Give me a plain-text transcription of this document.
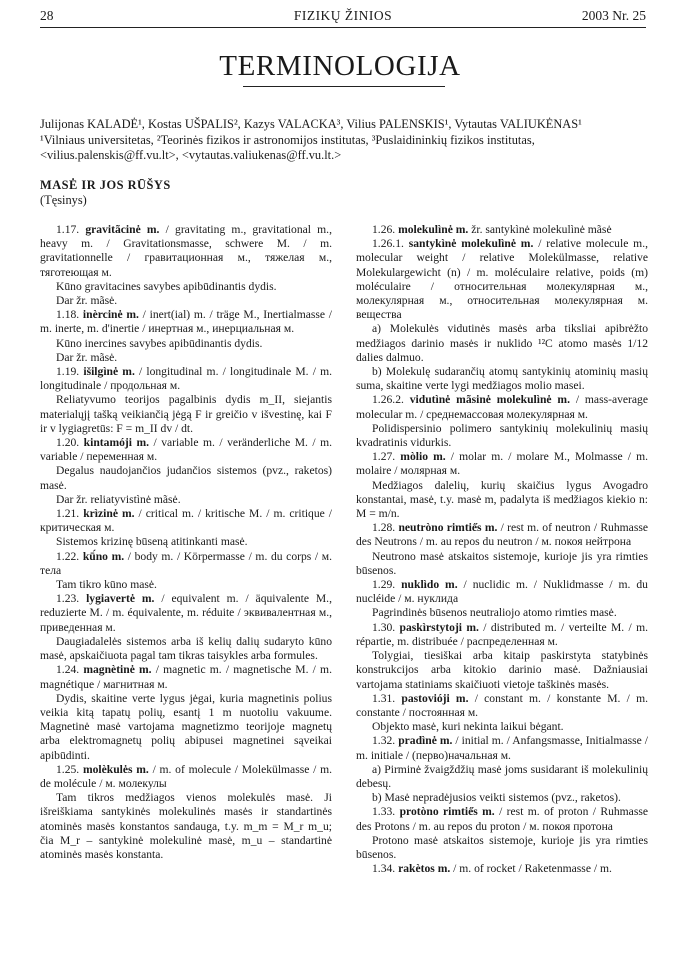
28	FIZIKŲ ŽINIOS	2003 Nr. 25
TERMINOLOGIJA
Julijonas KALADĖ¹, Kostas UŠPALIS², Kazys VALACKA³, Vilius PALENSKIS¹, Vytautas VALIUKĖNAS¹
¹Vilniaus universitetas, ²Teorinės fizikos ir astronomijos institutas, ³Puslaidininkių fizikos institutas,
<vilius.palenskis@ff.vu.lt>, <vytautas.valiukenas@ff.vu.lt.>
MASĖ IR JOS RŪŠYS
(Tęsinys)

1.17. gravitãcinė m. / gravitating m., gravitational m., heavy m. / Gravitationsmasse, schwere M. / m. gravitationnelle / гравитационная м., тяжелая м., тяготеющая м.

Kūno gravitacines savybes apibūdinantis dydis.

Dar žr. mãsė.

1.18. inèrcinė m. / inert(ial) m. / träge M., Inertialmasse / m. inerte, m. d'inertie / инертная м., инерциальная м.

Kūno inercines savybes apibūdinantis dydis.

Dar žr. mãsė.

1.19. išilgìnė m. / longitudinal m. / longitudinale M. / m. longitudinale / продольная м.

Reliatyvumo teorijos pagalbinis dydis m_II, siejantis materialųjį tašką veikiančią jėgą F ir greičio v išvestinę, kai F ir v lygiagretūs: F = m_II dv / dt.

1.20. kintamóji m. / variable m. / veränderliche M. / m. variable / переменная м.

Degalus naudojančios judančios sistemos (pvz., raketos) masė.

Dar žr. reliatyvistìnė mãsė.

1.21. krìzinė m. / critical m. / kritische M. / m. critique / критическая м.

Sistemos krizinę būseną atitinkanti masė.

1.22. kū́no m. / body m. / Körpermasse / m. du corps / м. тела

Tam tikro kūno masė.

1.23. lygiavertė m. / equivalent m. / äquivalente M., reduzierte M. / m. équivalente, m. réduite / эквивалентная м., приведенная м.

Daugiadalelės sistemos arba iš kelių dalių sudaryto kūno masė, apskaičiuota pagal tam tikras taisykles arba formules.

1.24. magnètinė m. / magnetic m. / magnetische M. / m. magnétique / магнитная м.

Dydis, skaitine verte lygus jėgai, kuria magnetinis polius veikia kitą tapatų polių, esantį 1 m nuotoliu vakuume. Magnetinė masė vartojama magnetizmo teorijoje magnetų arba elektromagnetų polių abipusei magnetinei sąveikai apibūdinti.

1.25. molèkulės m. / m. of molecule / Molekülmasse / m. de molécule / м. молекулы

Tam tikros medžiagos vienos molekulės masė. Ji išreiškiama santykinės molekulinės masės ir standartinės atominės masės konstantos sandauga, t.y. m_m = M_r m_u; čia M_r – santykinė molekulinė masė, m_u – standartinė atominės masės konstanta.

1.26. molekulìnė m. žr. santykìnė molekulìnė mãsė

1.26.1. santykìnė molekulìnė m. / relative molecule m., molecular weight / relative Molekülmasse, relative Molekulargewicht (n) / m. moléculaire relative, poids (m) moléculaire / относительная молекулярная м., молекулярная м., относительная молекулярная м. вещества

a) Molekulės vidutinės masės arba tiksliai apibrėžto medžiagos darinio masės ir nuklido ¹²C atomo masės 1/12 dalies dalmuo.

b) Molekulę sudarančių atomų santykinių atominių masių suma, skaitine verte lygi medžiagos molio masei.

1.26.2. vidutìnė mãsinė molekulìnė m. / mass-average molecular m. / среднемассовая молекулярная м.

Polidispersinio polimero santykinių molekulinių masių kvadratinis vidurkis.

1.27. mòlio m. / molar m. / molare M., Molmasse / m. molaire / молярная м.

Medžiagos dalelių, kurių skaičius lygus Avogadro konstantai, masė, t.y. masė m, padalyta iš medžiagos kiekio n: M = m/n.

1.28. neutròno rimtie̋s m. / rest m. of neutron / Ruhmasse des Neutrons / m. au repos du neutron / м. покоя нейтрона

Neutrono masė atskaitos sistemoje, kurioje jis yra rimties būsenos.

1.29. nuklìdo m. / nuclidic m. / Nuklidmasse / m. du nucléide / м. нуклида

Pagrindinės būsenos neutraliojo atomo rimties masė.

1.30. paskìrstytoji m. / distributed m. / verteilte M. / m. répartie, m. distribuée / распределенная м.

Tolygiai, tiesiškai arba kitaip paskirstyta statybinės konstrukcijos arba kitokio darinio masė. Dažniausiai vartojama statiniams skaičiuoti vietoje taškinės masės.

1.31. pastovióji m. / constant m. / konstante M. / m. constante / постоянная м.

Objekto masė, kuri nekinta laikui bėgant.

1.32. pradìnė m. / initial m. / Anfangsmasse, Initialmasse / m. initiale / (перво)начальная м.

a) Pirminė žvaigždžių masė joms susidarant iš molekulinių debesų.

b) Masė nepradėjusios veikti sistemos (pvz., raketos).

1.33. protòno rimtie̋s m. / rest m. of proton / Ruhmasse des Protons / m. au repos du proton / м. покоя протона

Protono masė atskaitos sistemoje, kurioje jis yra rimties būsenos.

1.34. rakètos m. / m. of rocket / Raketenmasse / m.
